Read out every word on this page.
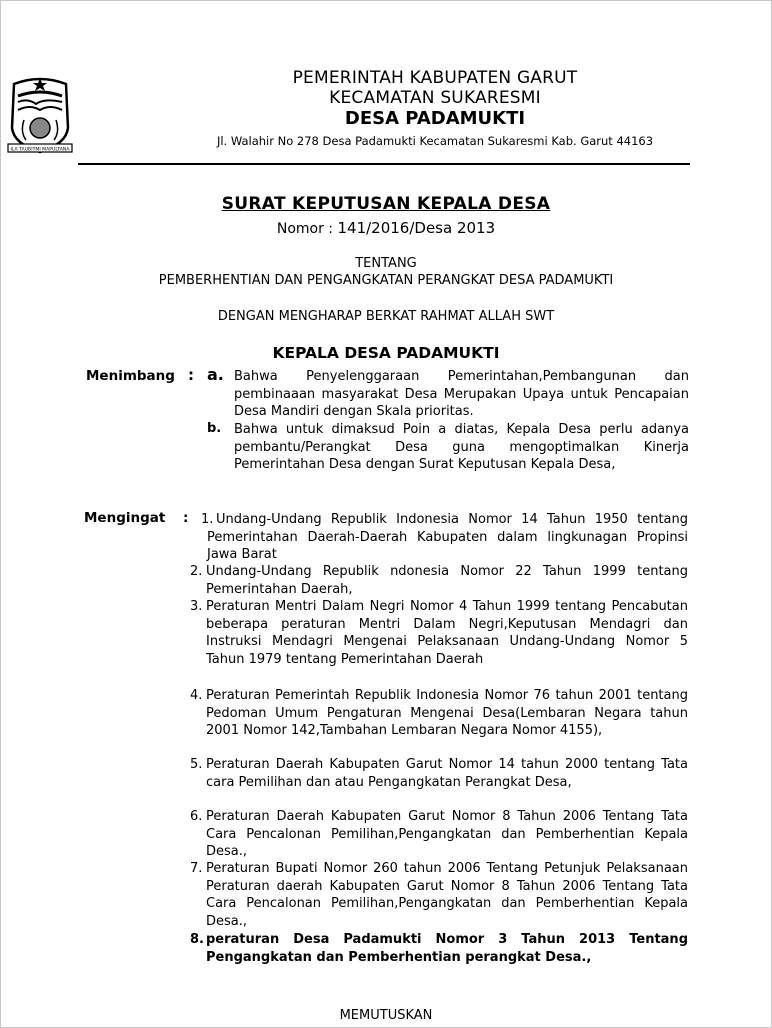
ILA TAUBITMI MAPULTANA
PEMERINTAH KABUPATEN GARUT
KECAMATAN SUKARESMI
DESA PADAMUKTI
Jl. Walahir No 278 Desa Padamukti Kecamatan Sukaresmi Kab. Garut 44163
SURAT KEPUTUSAN KEPALA DESA
Nomor : 141/2016/Desa 2013
TENTANG
PEMBERHENTIAN DAN PENGANGKATAN PERANGKAT DESA PADAMUKTI
DENGAN MENGHARAP BERKAT RAHMAT ALLAH SWT
KEPALA DESA PADAMUKTI
Menimbang : a. Bahwa Penyelenggaraan Pemerintahan,Pembangunan dan pembinaaan masyarakat Desa Merupakan Upaya untuk Pencapaian Desa Mandiri dengan Skala prioritas.
b. Bahwa untuk dimaksud Poin a diatas, Kepala Desa perlu adanya pembantu/Perangkat Desa guna mengoptimalkan Kinerja Pemerintahan Desa dengan Surat Keputusan Kepala Desa,
Mengingat : 1. Undang-Undang Republik Indonesia Nomor 14 Tahun 1950 tentang Pemerintahan Daerah-Daerah Kabupaten dalam lingkunagan Propinsi Jawa Barat
2. Undang-Undang Republik ndonesia Nomor 22 Tahun 1999 tentang Pemerintahan Daerah,
3. Peraturan Mentri Dalam Negri Nomor 4 Tahun 1999 tentang Pencabutan beberapa peraturan Mentri Dalam Negri,Keputusan Mendagri dan Instruksi Mendagri Mengenai Pelaksanaan Undang-Undang Nomor 5 Tahun 1979 tentang Pemerintahan Daerah
4. Peraturan Pemerintah Republik Indonesia Nomor 76 tahun 2001 tentang Pedoman Umum Pengaturan Mengenai Desa(Lembaran Negara tahun 2001 Nomor 142,Tambahan Lembaran Negara Nomor 4155),
5. Peraturan Daerah Kabupaten Garut Nomor 14 tahun 2000 tentang Tata cara Pemilihan dan atau Pengangkatan Perangkat Desa,
6. Peraturan Daerah Kabupaten Garut Nomor 8 Tahun 2006 Tentang Tata Cara Pencalonan Pemilihan,Pengangkatan dan Pemberhentian Kepala Desa.,
7. Peraturan Bupati Nomor 260 tahun 2006 Tentang Petunjuk Pelaksanaan Peraturan daerah Kabupaten Garut Nomor 8 Tahun 2006 Tentang Tata Cara Pencalonan Pemilihan,Pengangkatan dan Pemberhentian Kepala Desa.,
8. peraturan Desa Padamukti Nomor 3 Tahun 2013 Tentang Pengangkatan dan Pemberhentian perangkat Desa.,
MEMUTUSKAN
